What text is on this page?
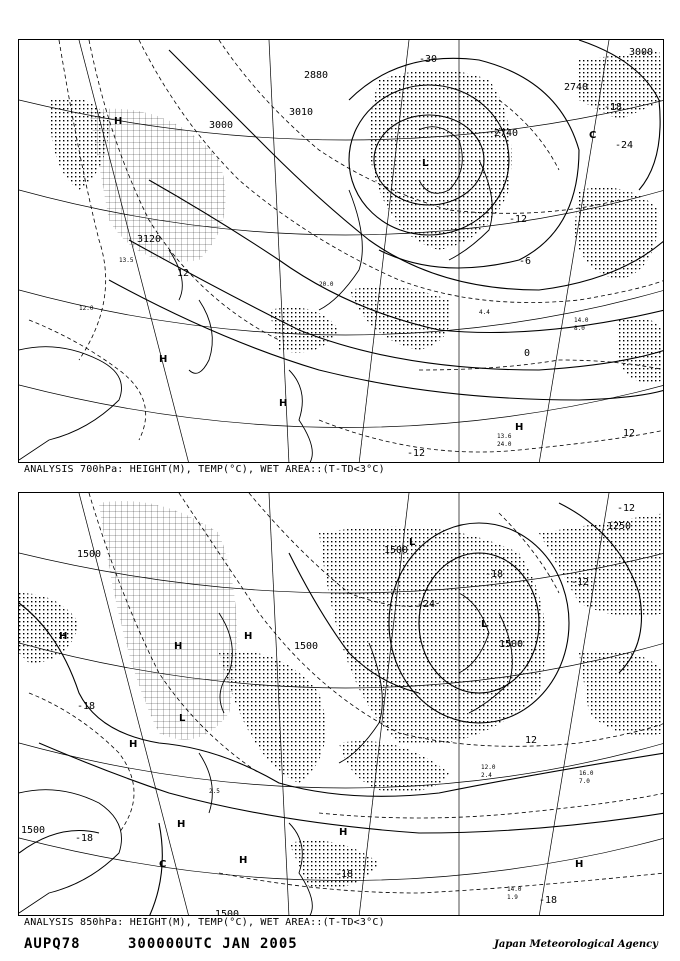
3000
3120
2740
2740
2880
3010
3000
-30
-24
-18
-12
-6
0
12
-12
12
H
H
H
L
C
H
13.6
24.0
14.0
8.0
4.4
13.5
20.0
12.0
ANALYSIS 700hPa: HEIGHT(M), TEMP(°C), WET AREA::(T-TD<3°C)
1500
1500
1500
1500
1250
1500
1500
-18
-18
-12
-24
-18
12
-18
-18
-12
H
H
H
L
L
C
H
H
H
H
H
L
12.0
2.4	16.0
7.0
14.0
1.9
2.5
ANALYSIS 850hPa: HEIGHT(M), TEMP(°C), WET AREA::(T-TD<3°C)
AUPQ78	300000UTC JAN 2005	Japan Meteorological Agency
